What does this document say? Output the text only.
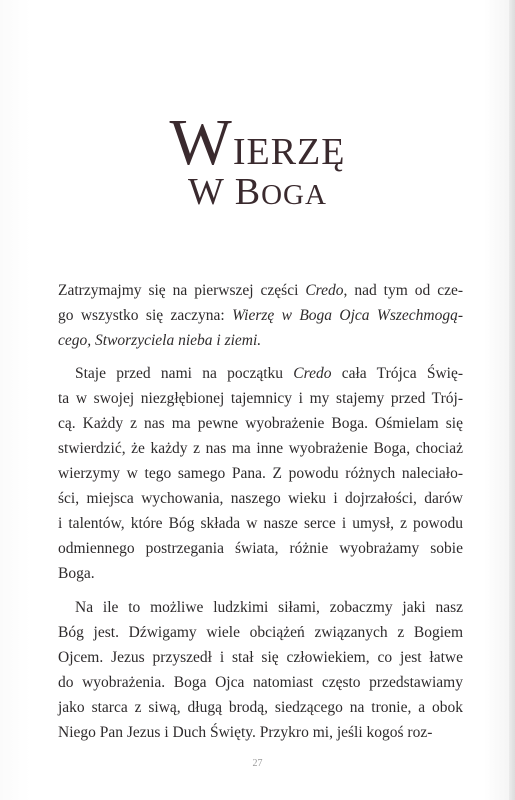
WIERZĘ
W BOGA
Zatrzymajmy się na pierwszej części Credo, nad tym od cze-
go wszystko się zaczyna: Wierzę w Boga Ojca Wszechmogą-
cego, Stworzyciela nieba i ziemi.
Staje przed nami na początku Credo cała Trójca Świę-
ta w swojej niezgłębionej tajemnicy i my stajemy przed Trój-
cą. Każdy z nas ma pewne wyobrażenie Boga. Ośmielam się
stwierdzić, że każdy z nas ma inne wyobrażenie Boga, chociaż
wierzymy w tego samego Pana. Z powodu różnych naleciało-
ści, miejsca wychowania, naszego wieku i dojrzałości, darów
i talentów, które Bóg składa w nasze serce i umysł, z powodu
odmiennego postrzegania świata, różnie wyobrażamy sobie
Boga.
Na ile to możliwe ludzkimi siłami, zobaczmy jaki nasz
Bóg jest. Dźwigamy wiele obciążeń związanych z Bogiem
Ojcem. Jezus przyszedł i stał się człowiekiem, co jest łatwe
do wyobrażenia. Boga Ojca natomiast często przedstawiamy
jako starca z siwą, długą brodą, siedzącego na tronie, a obok
Niego Pan Jezus i Duch Święty. Przykro mi, jeśli kogoś roz-
27
